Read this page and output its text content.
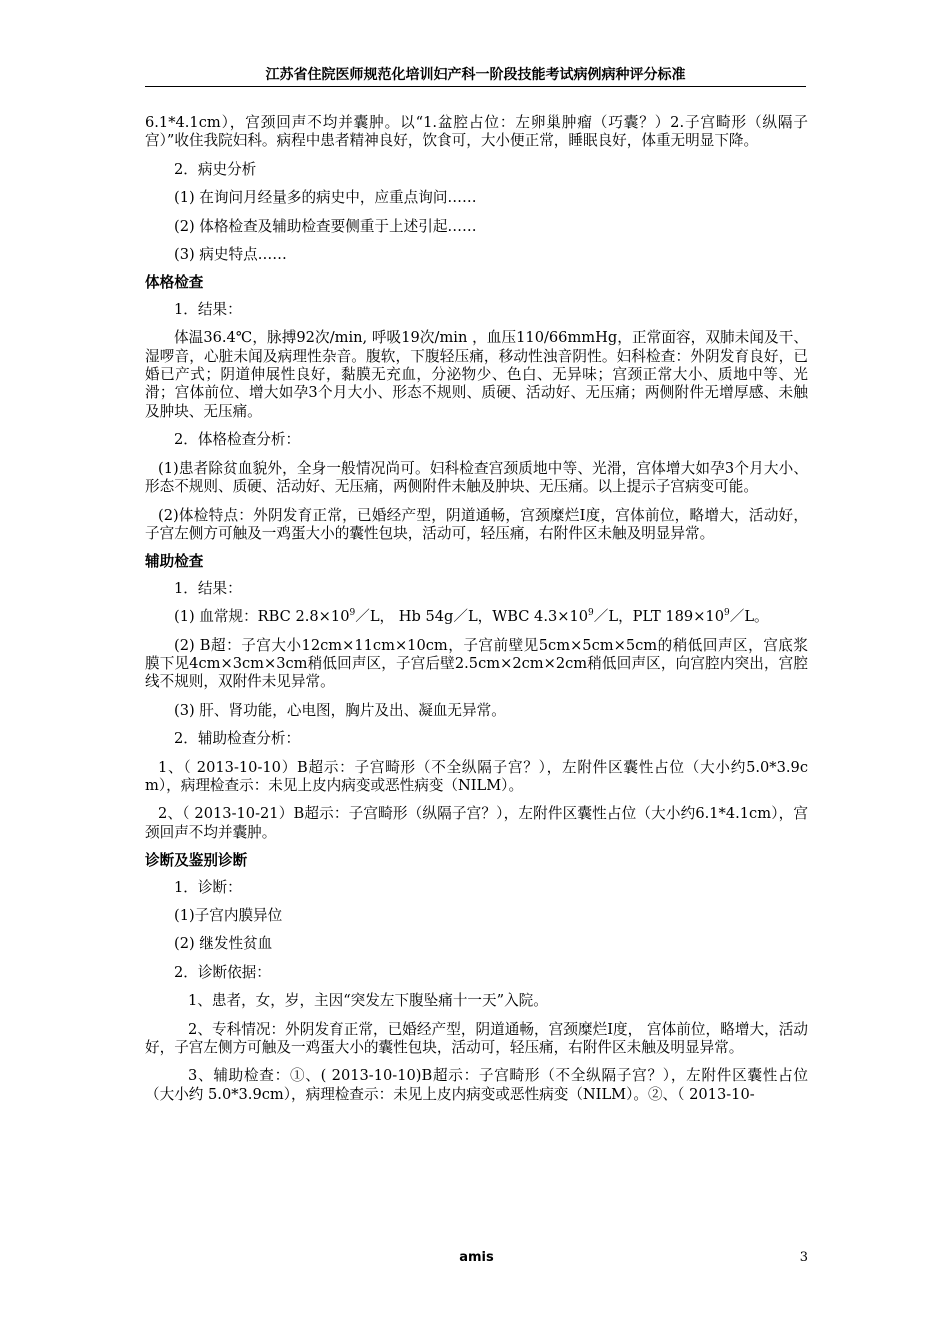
江苏省住院医师规范化培训妇产科一阶段技能考试病例病种评分标准

6.1*4.1cm），宫颈回声不均并囊肿。以“1.盆腔占位：左卵巢肿瘤（巧囊？）2.子宫畸形（纵隔子宫）”收住我院妇科。病程中患者精神良好，饮食可，大小便正常，睡眠良好，体重无明显下降。

2．病史分析

(1) 在询问月经量多的病史中，应重点询问……

(2) 体格检查及辅助检查要侧重于上述引起……

(3) 病史特点……

体格检查

1．结果：

体温36.4℃，脉搏92次/min, 呼吸19次/min ，血压110/66mmHg，正常面容，双肺未闻及干、湿啰音，心脏未闻及病理性杂音。腹软，下腹轻压痛，移动性浊音阴性。妇科检查：外阴发育良好，已婚已产式；阴道伸展性良好，黏膜无充血，分泌物少、色白、无异味；宫颈正常大小、质地中等、光滑；宫体前位、增大如孕3个月大小、形态不规则、质硬、活动好、无压痛；两侧附件无增厚感、未触及肿块、无压痛。

2．体格检查分析：

(1)患者除贫血貌外，全身一般情况尚可。妇科检查宫颈质地中等、光滑，宫体增大如孕3个月大小、形态不规则、质硬、活动好、无压痛，两侧附件未触及肿块、无压痛。以上提示子宫病变可能。

(2)体检特点：外阴发育正常，已婚经产型，阴道通畅，宫颈糜烂Ⅰ度，宫体前位，略增大，活动好，子宫左侧方可触及一鸡蛋大小的囊性包块，活动可，轻压痛，右附件区未触及明显异常。

辅助检查

1．结果：

(1) 血常规：RBC $2.8\times 10^9/L$， Hb 54g／L，WBC $4.3\times 10^9/L$，PLT $189\times 10^9/L$。

(2) B超：子宫大小12cm×11cm×10cm，子宫前壁见5cm×5cm×5cm的稍低回声区，宫底浆膜下见4cm×3cm×3cm稍低回声区，子宫后壁2.5cm×2cm×2cm稍低回声区，向宫腔内突出，宫腔线不规则，双附件未见异常。

(3) 肝、肾功能，心电图，胸片及出、凝血无异常。

2．辅助检查分析：

1、（ 2013-10-10）B超示：子宫畸形（不全纵隔子宫？），左附件区囊性占位（大小约5.0*3.9cm），病理检查示：未见上皮内病变或恶性病变（NILM）。

2、（ 2013-10-21）B超示：子宫畸形（纵隔子宫？），左附件区囊性占位（大小约6.1*4.1cm），宫颈回声不均并囊肿。

诊断及鉴别诊断

1．诊断：

(1)子宫内膜异位

(2) 继发性贫血

2．诊断依据：

1、患者，女，岁，主因“突发左下腹坠痛十一天”入院。

2、专科情况：外阴发育正常，已婚经产型，阴道通畅，宫颈糜烂Ⅰ度， 宫体前位，略增大，活动好，子宫左侧方可触及一鸡蛋大小的囊性包块，活动可，轻压痛，右附件区未触及明显异常。

3、辅助检查：①、( 2013-10-10)B超示：子宫畸形（不全纵隔子宫？），左附件区囊性占位（大小约 5.0*3.9cm），病理检查示：未见上皮内病变或恶性病变（NILM）。②、（ 2013-10-

amis	3
